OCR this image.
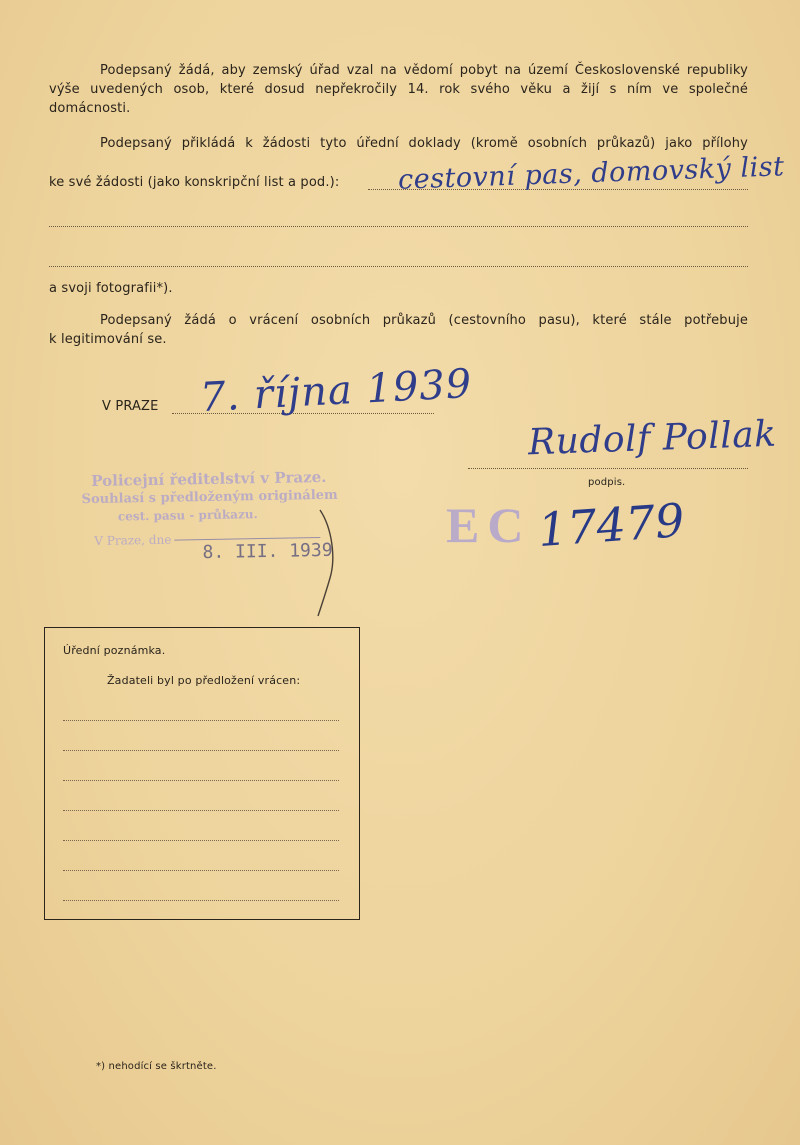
Podepsaný žádá, aby zemský úřad vzal na vědomí pobyt na území Československé republiky
výše uvedených osob, které dosud nepřekročily 14. rok svého věku a žijí s ním ve společné
domácnosti.
Podepsaný přikládá k žádosti tyto úřední doklady (kromě osobních průkazů) jako přílohy
ke své žádosti (jako konskripční list a pod.): cestovní pas, domovský list
a svoji fotografii*).
Podepsaný žádá o vrácení osobních průkazů (cestovního pasu), které stále potřebuje
k legitimování se.
V PRAZE 7. října 1939
Rudolf Pollak
podpis.
Policejní ředitelství v Praze.
Souhlasí s předloženým originálem
cest. pasu - průkazu.
V Praze, dne 8. III. 1939 EC 17479
Úřední poznámka.
Žadateli byl po předložení vrácen:
*) nehodící se škrtněte.
